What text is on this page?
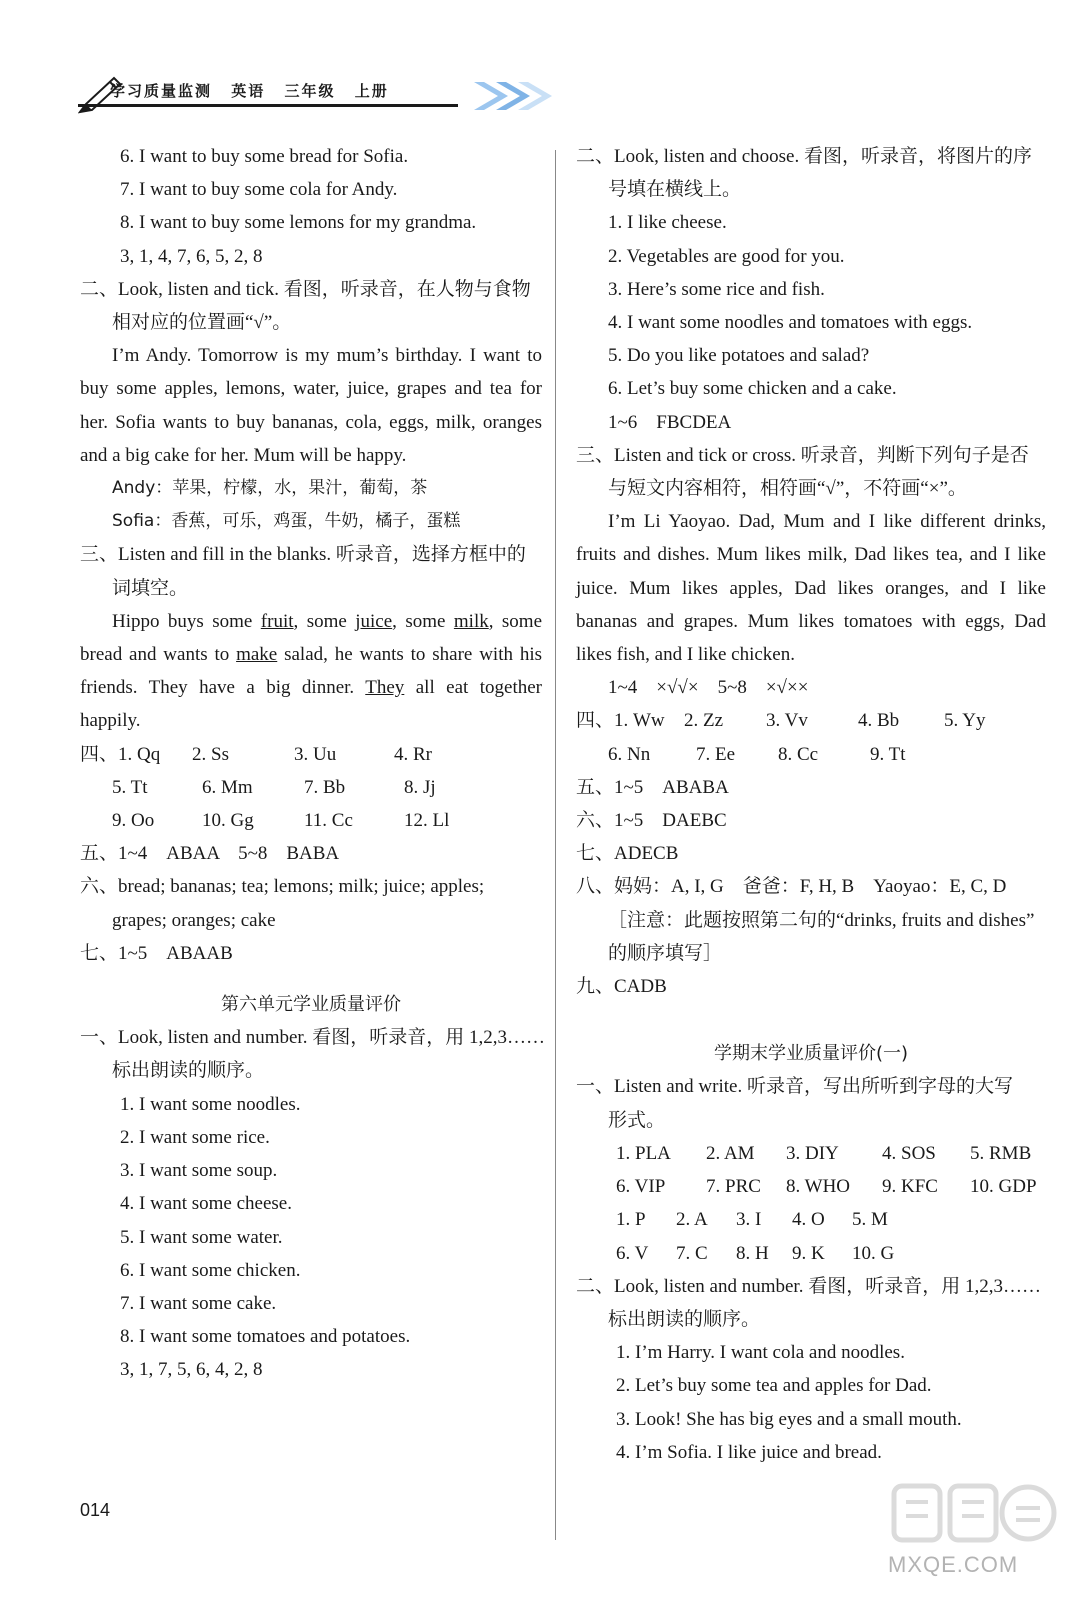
学习质量监测 英语 三年级 上册
6. I want to buy some bread for Sofia.
7. I want to buy some cola for Andy.
8. I want to buy some lemons for my grandma.
3, 1, 4, 7, 6, 5, 2, 8
二、Look, listen and tick. 看图，听录音，在人物与食物
相对应的位置画“√”。
I’m Andy. Tomorrow is my mum’s birthday. I want to buy some apples, lemons, water, juice, grapes and tea for her. Sofia wants to buy bananas, cola, eggs, milk, oranges and a big cake for her. Mum will be happy.
Andy：苹果，柠檬，水，果汁，葡萄，茶
Sofia：香蕉，可乐，鸡蛋，牛奶，橘子，蛋糕
三、Listen and fill in the blanks. 听录音，选择方框中的
词填空。
Hippo buys some fruit, some juice, some milk, some bread and wants to make salad, he wants to share with his friends. They have a big dinner. They all eat together happily.
四、1. Qq 2. Ss	3. Uu	4. Rr
5. Tt	6. Mm	7. Bb	8. Jj
9. Oo	10. Gg	11. Cc	12. Ll
五、1~4　ABAA　5~8　BABA
六、bread; bananas; tea; lemons; milk; juice; apples;
grapes; oranges; cake
七、1~5　ABAAB
第六单元学业质量评价
一、Look, listen and number. 看图，听录音，用 1,2,3……
标出朗读的顺序。
1. I want some noodles.
2. I want some rice.
3. I want some soup.
4. I want some cheese.
5. I want some water.
6. I want some chicken.
7. I want some cake.
8. I want some tomatoes and potatoes.
3, 1, 7, 5, 6, 4, 2, 8
二、Look, listen and choose. 看图，听录音，将图片的序
号填在横线上。
1. I like cheese.
2. Vegetables are good for you.
3. Here’s some rice and fish.
4. I want some noodles and tomatoes with eggs.
5. Do you like potatoes and salad?
6. Let’s buy some chicken and a cake.
1~6　FBCDEA
三、Listen and tick or cross. 听录音，判断下列句子是否
与短文内容相符，相符画“√”，不符画“×”。
I’m Li Yaoyao. Dad, Mum and I like different drinks, fruits and dishes. Mum likes milk, Dad likes tea, and I like juice. Mum likes apples, Dad likes oranges, and I like bananas and grapes. Mum likes tomatoes with eggs, Dad likes fish, and I like chicken.
1~4　×√√×　5~8　×√××
四、1. Ww 2. Zz 3. Vv	4. Bb 5. Yy
6. Nn 7. Ee 8. Cc	9. Tt
五、1~5　ABABA
六、1~5　DAEBC
七、ADECB
八、妈妈：A, I, G　爸爸：F, H, B　Yaoyao：E, C, D
［注意：此题按照第二句的“drinks, fruits and dishes”
的顺序填写］
九、CADB
学期末学业质量评价(一)
一、Listen and write. 听录音，写出所听到字母的大写
形式。
1. PLA 2. AM 3. DIY 4. SOS 5. RMB
6. VIP 7. PRC 8. WHO 9. KFC 10. GDP
1. P 2. A 3. I 4. O 5. M
6. V 7. C 8. H 9. K 10. G
二、Look, listen and number. 看图，听录音，用 1,2,3……
标出朗读的顺序。
1. I’m Harry. I want cola and noodles.
2. Let’s buy some tea and apples for Dad.
3. Look! She has big eyes and a small mouth.
4. I’m Sofia. I like juice and bread.
014
MXQE.COM
